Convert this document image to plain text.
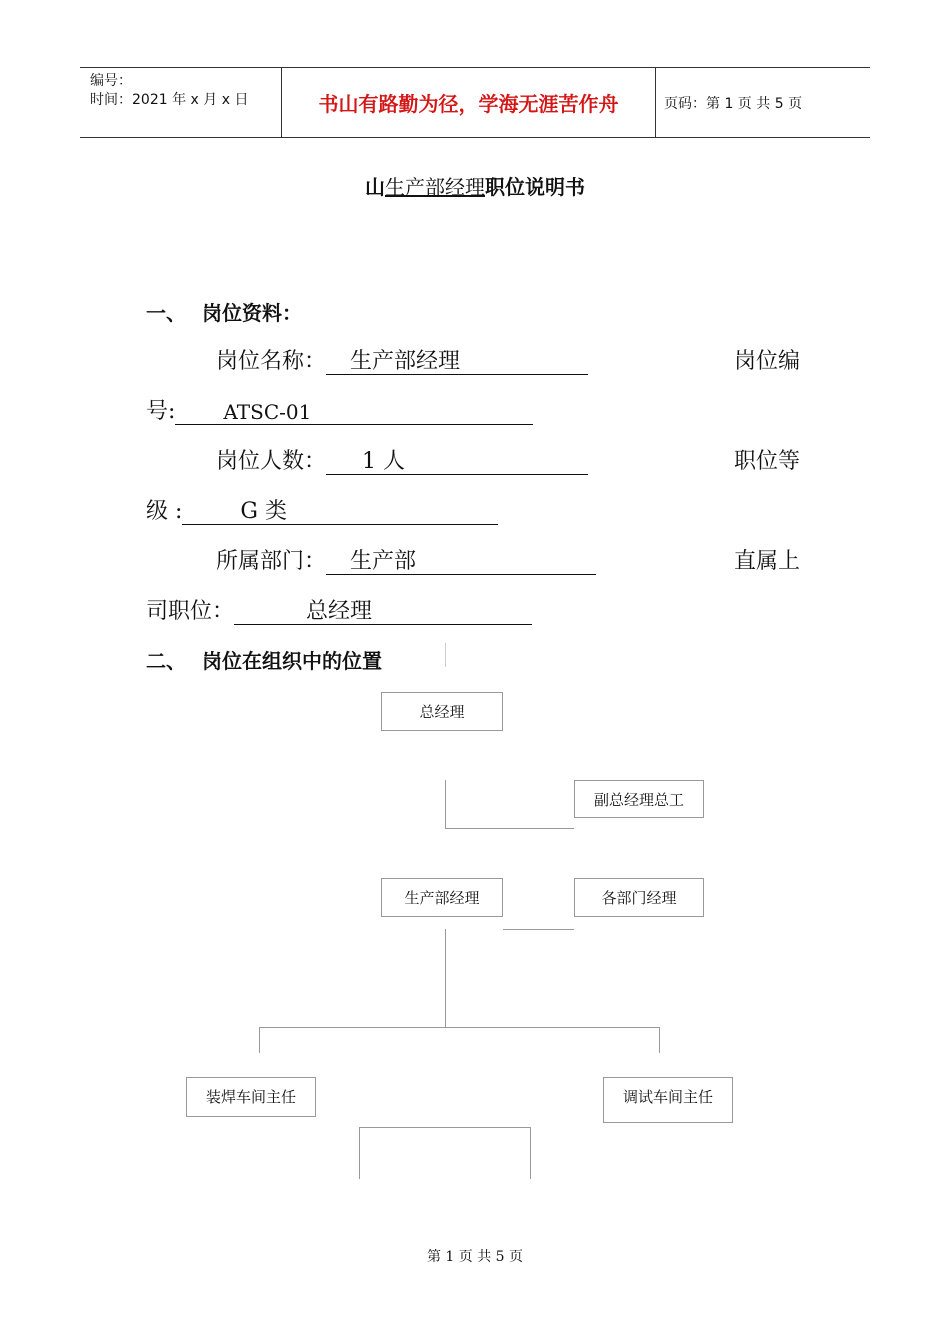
编号：
时间：2021 年 x 月 x 日	书山有路勤为径，学海无涯苦作舟	页码：第 1 页 共 5 页
山生产部经理职位说明书
一、 岗位资料：
岗位名称： 生产部经理	岗位编
号: ATSC-01
岗位人数： 1 人	职位等
级 :	G 类
所属部门： 生产部	直属上
司职位：	总经理
二、 岗位在组织中的位置
总经理
副总经理总工
生产部经理	各部门经理
装焊车间主任	调试车间主任
第 1 页 共 5 页
